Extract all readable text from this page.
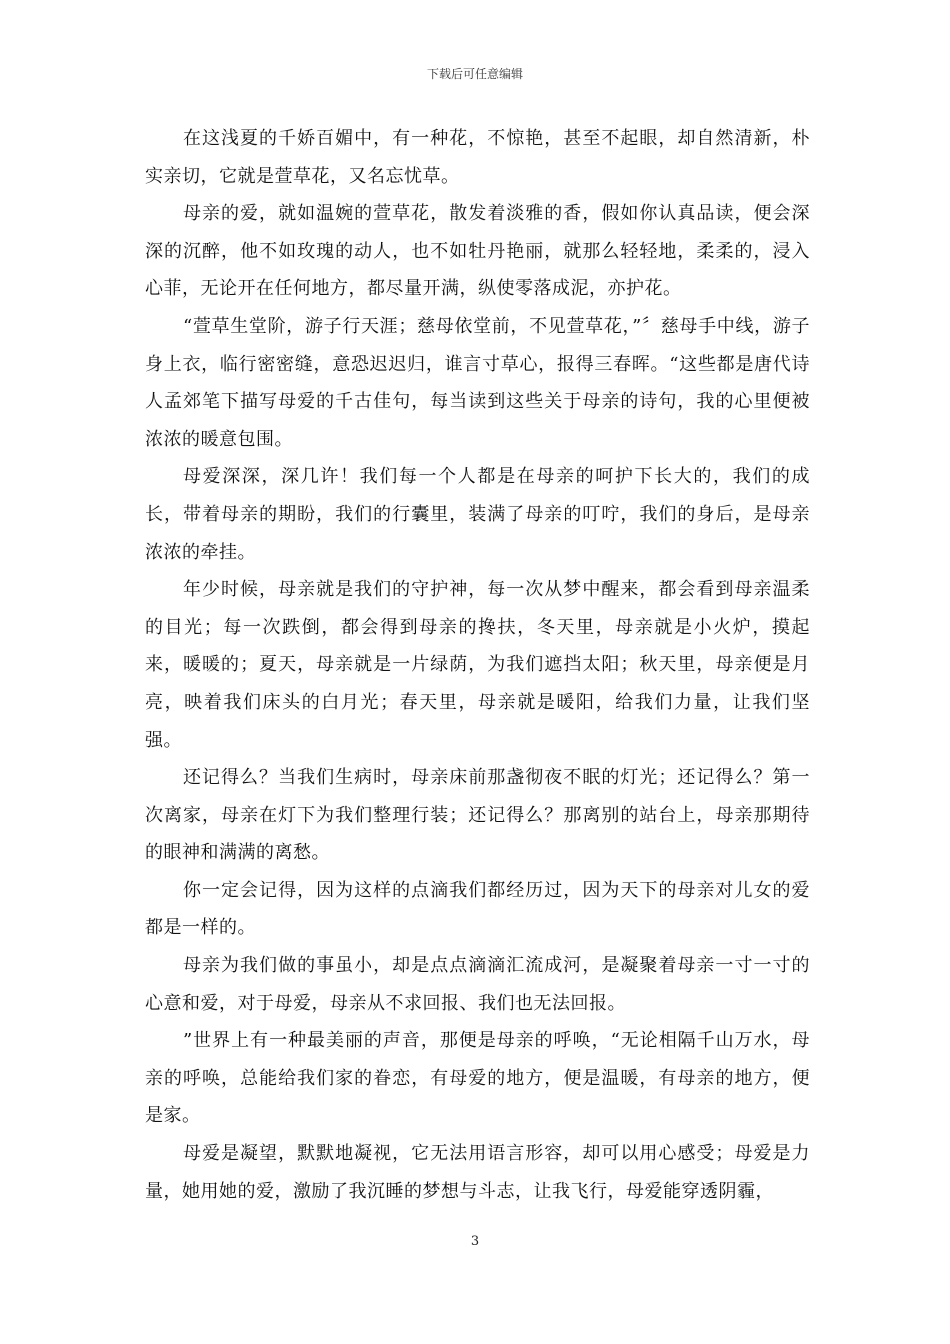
下载后可任意编辑

在这浅夏的千娇百媚中，有一种花，不惊艳，甚至不起眼，却自然清新，朴实亲切，它就是萱草花，又名忘忧草。

母亲的爱，就如温婉的萱草花，散发着淡雅的香，假如你认真品读，便会深深的沉醉，他不如玫瑰的动人，也不如牡丹艳丽，就那么轻轻地，柔柔的，浸入心菲，无论开在任何地方，都尽量开满，纵使零落成泥，亦护花。

“萱草生堂阶，游子行天涯；慈母依堂前，不见萱草花，”〞慈母手中线，游子身上衣，临行密密缝，意恐迟迟归，谁言寸草心，报得三春晖。“这些都是唐代诗人孟郊笔下描写母爱的千古佳句，每当读到这些关于母亲的诗句，我的心里便被浓浓的暖意包围。

母爱深深，深几许！我们每一个人都是在母亲的呵护下长大的，我们的成长，带着母亲的期盼，我们的行囊里，装满了母亲的叮咛，我们的身后，是母亲浓浓的牵挂。

年少时候，母亲就是我们的守护神，每一次从梦中醒来，都会看到母亲温柔的目光；每一次跌倒，都会得到母亲的搀扶，冬天里，母亲就是小火炉，摸起来，暖暖的；夏天，母亲就是一片绿荫，为我们遮挡太阳；秋天里，母亲便是月亮，映着我们床头的白月光；春天里，母亲就是暖阳，给我们力量，让我们坚强。

还记得么？当我们生病时，母亲床前那盏彻夜不眠的灯光；还记得么？第一次离家，母亲在灯下为我们整理行装；还记得么？那离别的站台上，母亲那期待的眼神和满满的离愁。

你一定会记得，因为这样的点滴我们都经历过，因为天下的母亲对儿女的爱都是一样的。

母亲为我们做的事虽小，却是点点滴滴汇流成河，是凝聚着母亲一寸一寸的心意和爱，对于母爱，母亲从不求回报、我们也无法回报。

”世界上有一种最美丽的声音，那便是母亲的呼唤，“无论相隔千山万水，母亲的呼唤，总能给我们家的眷恋，有母爱的地方，便是温暖，有母亲的地方，便是家。

母爱是凝望，默默地凝视，它无法用语言形容，却可以用心感受；母爱是力量，她用她的爱，激励了我沉睡的梦想与斗志，让我飞行，母爱能穿透阴霾，

3
